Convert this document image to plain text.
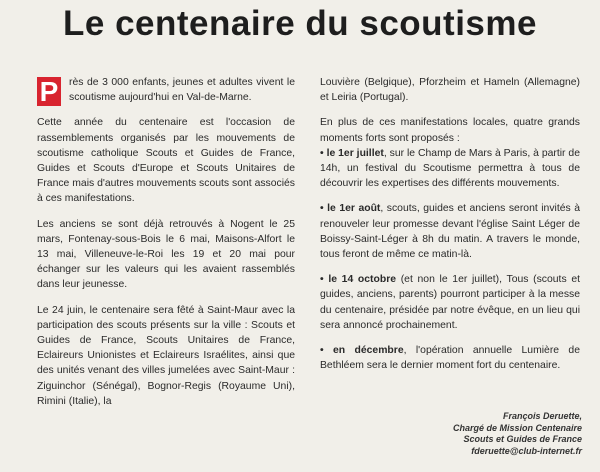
Le centenaire du scoutisme

P rès de 3 000 enfants, jeunes et adultes vivent le scoutisme aujourd'hui en Val-de-Marne.

Cette année du centenaire est l'occasion de rassemblements organisés par les mouvements de scoutisme catholique Scouts et Guides de France, Guides et Scouts d'Europe et Scouts Unitaires de France mais d'autres mouvements scouts sont associés à ces manifestations.

Les anciens se sont déjà retrouvés à Nogent le 25 mars, Fontenay-sous-Bois le 6 mai, Maisons-Alfort le 13 mai, Villeneuve-le-Roi les 19 et 20 mai pour échanger sur les valeurs qui les avaient rassemblés dans leur jeunesse.

Le 24 juin, le centenaire sera fêté à Saint-Maur avec la participation des scouts présents sur la ville : Scouts et Guides de France, Scouts Unitaires de France, Eclaireurs Unionistes et Eclaireurs Israélites, ainsi que des unités venant des villes jumelées avec Saint-Maur : Ziguinchor (Sénégal), Bognor-Regis (Royaume Uni), Rimini (Italie), la

Louvière (Belgique), Pforzheim et Hameln (Allemagne) et Leiria (Portugal).

En plus de ces manifestations locales, quatre grands moments forts sont proposés :

• le 1er juillet, sur le Champ de Mars à Paris, à partir de 14h, un festival du Scoutisme permettra à tous de découvrir les expertises des différents mouvements.

• le 1er août, scouts, guides et anciens seront invités à renouveler leur promesse devant l'église Saint Léger de Boissy-Saint-Léger à 8h du matin. A travers le monde, tous feront de même ce matin-là.

• le 14 octobre (et non le 1er juillet), Tous (scouts et guides, anciens, parents) pourront participer à la messe du centenaire, présidée par notre évêque, en un lieu qui sera annoncé prochainement.

• en décembre, l'opération annuelle Lumière de Bethléem sera le dernier moment fort du centenaire.

François Deruette,
Chargé de Mission Centenaire
Scouts et Guides de France
fderuette@club-internet.fr
